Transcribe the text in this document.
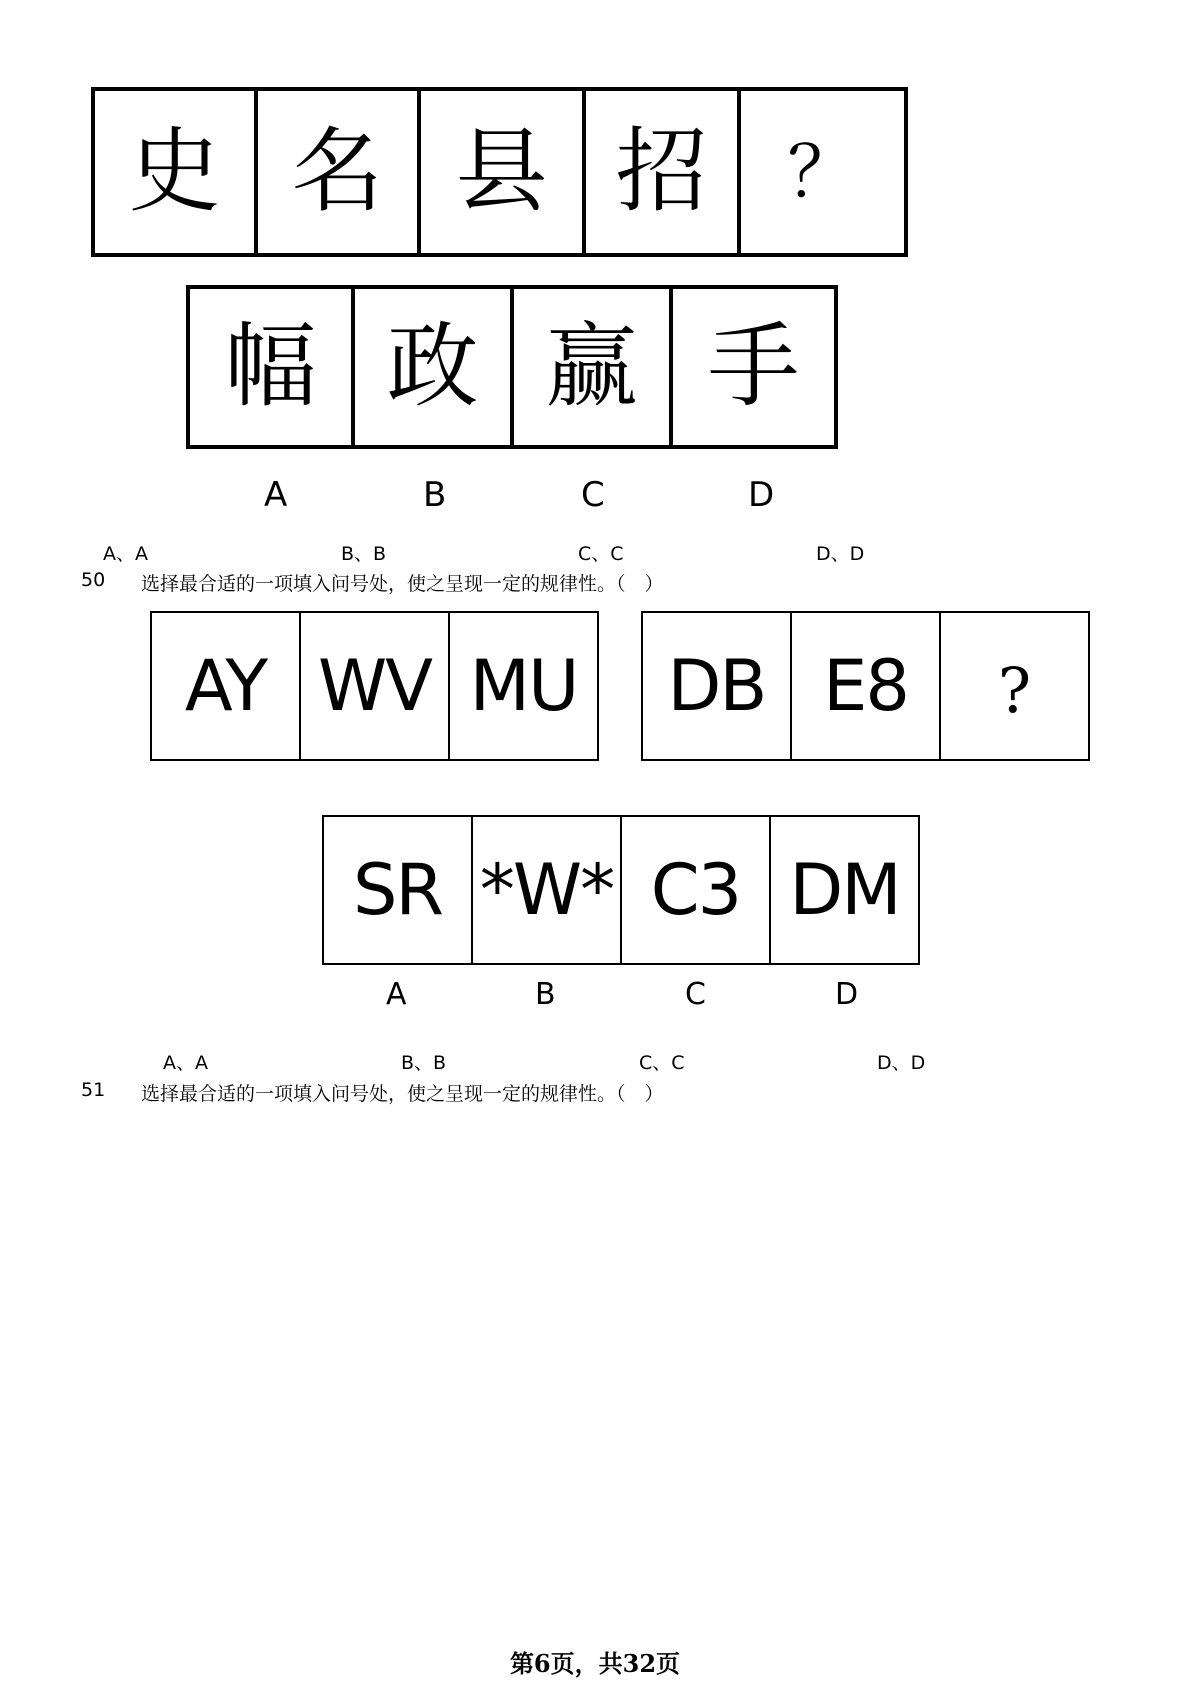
史 名 县 招	？
幅 政 赢 手
A	B	C	D
A、A	B、B	C、C	D、D
50 选择最合适的一项填入问号处，使之呈现一定的规律性。（　）
AY WV MU	DB E8	?
SR *W* C3 DM
A	B	C	D
A、A	B、B	C、C	D、D
51 选择最合适的一项填入问号处，使之呈现一定的规律性。（　）
第6页，共32页
